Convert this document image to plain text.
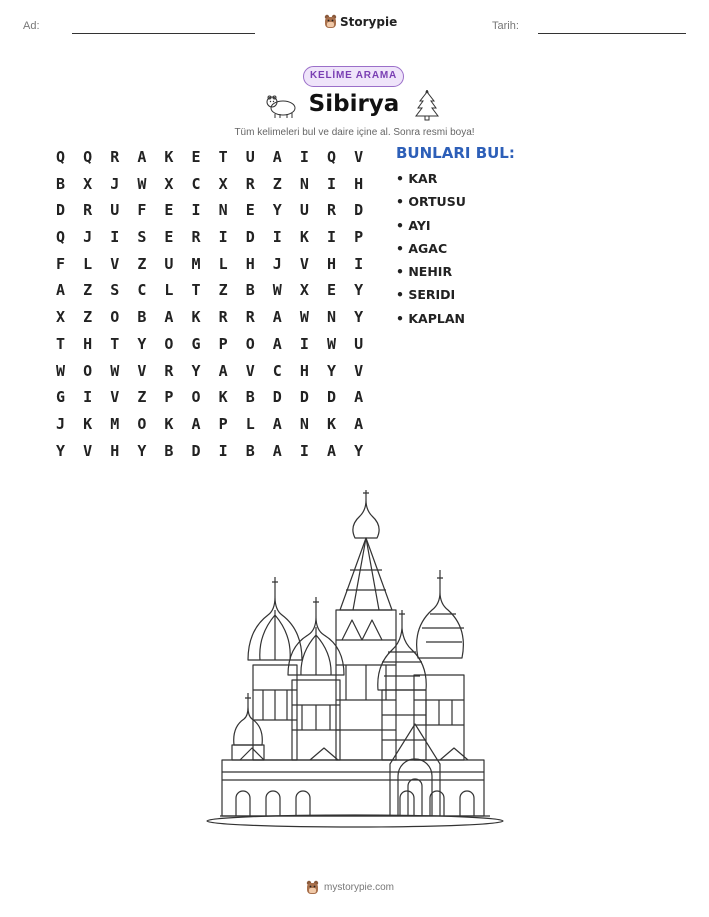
Ad:	Storypie	Tarih:
KELİME ARAMA
Sibirya
Tüm kelimeleri bul ve daire içine al. Sonra resmi boya!
Q	Q	R	A	K	E	T	U	A	I	Q	V
B	X	J	W	X	C	X	R	Z	N	I	H
D	R	U	F	E	I	N	E	Y	U	R	D
Q	J	I	S	E	R	I	D	I	K	I	P
F	L	V	Z	U	M	L	H	J	V	H	I
A	Z	S	C	L	T	Z	B	W	X	E	Y
X	Z	O	B	A	K	R	R	A	W	N	Y
T	H	T	Y	O	G	P	O	A	I	W	U
W	O	W	V	R	Y	A	V	C	H	Y	V
G	I	V	Z	P	O	K	B	D	D	D	A
J	K	M	O	K	A	P	L	A	N	K	A
Y	V	H	Y	B	D	I	B	A	I	A	Y
BUNLARI BUL:
• KAR
• ORTUSU
• AYI
• AGAC
• NEHIR
• SERIDI
• KAPLAN
mystorypie.com
